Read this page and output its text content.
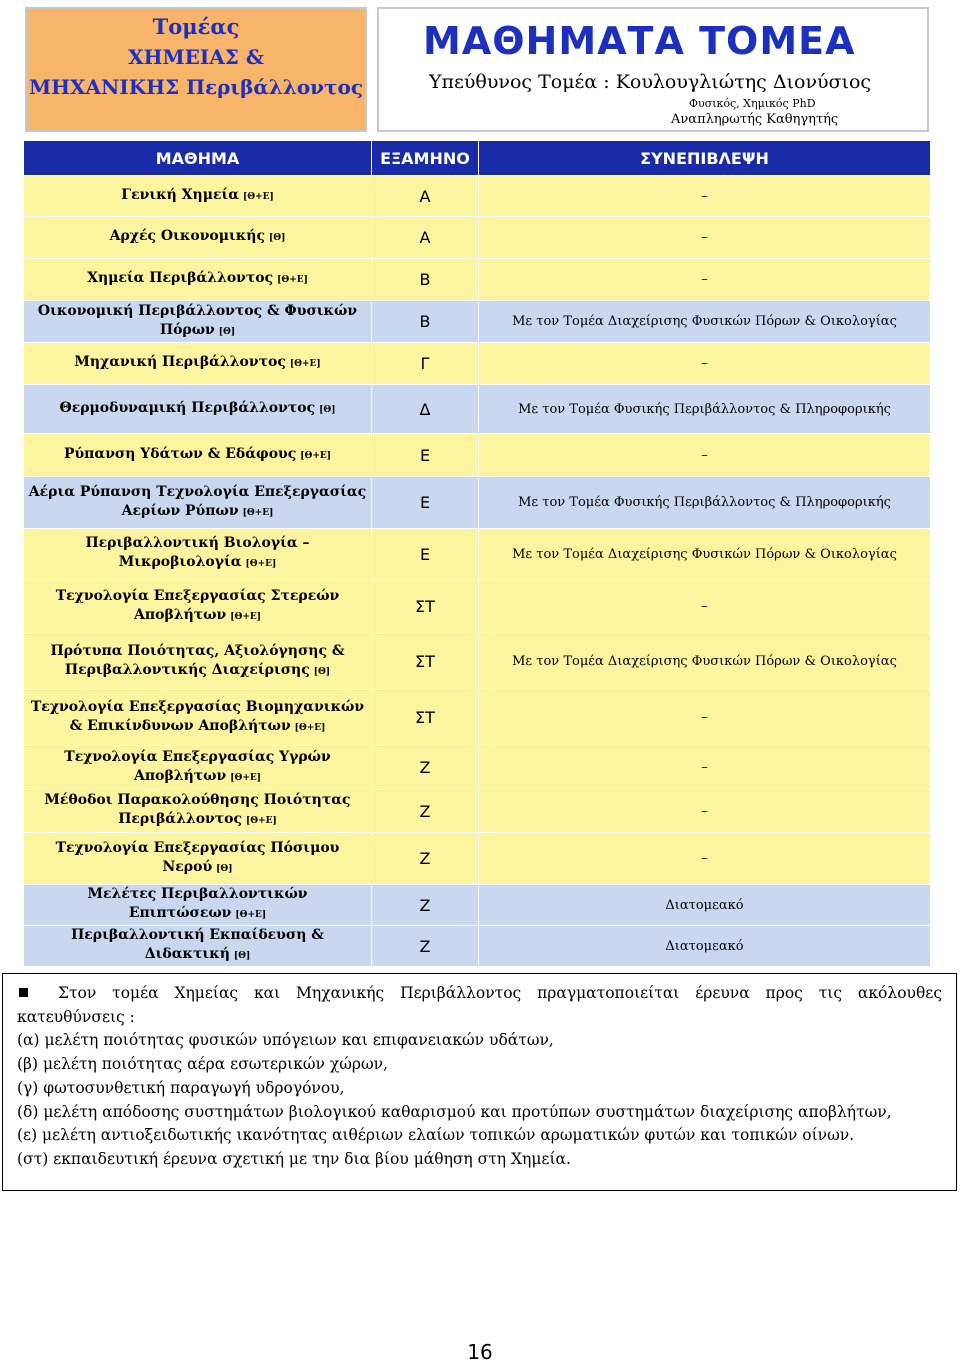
Τομέας
ΧΗΜΕΙΑΣ &
ΜΗΧΑΝΙΚΗΣ Περιβάλλοντος
ΜΑΘΗΜΑΤΑ ΤΟΜΕΑ
Υπεύθυνος Τομέα : Κουλουγλιώτης Διονύσιος
Φυσικός, Χημικός PhD
Αναπληρωτής Καθηγητής
ΜΑΘΗΜΑ	ΕΞΑΜΗΝΟ	ΣΥΝΕΠΙΒΛΕΨΗ
Γενική Χημεία [Θ+Ε]	Α	–
Αρχές Οικονομικής [Θ]	Α	–
Χημεία Περιβάλλοντος [Θ+Ε]	Β	–
Οικονομική Περιβάλλοντος & Φυσικών Πόρων [Θ]	Β	Με τον Τομέα Διαχείρισης Φυσικών Πόρων & Οικολογίας
Μηχανική Περιβάλλοντος [Θ+Ε]	Γ	–
Θερμοδυναμική Περιβάλλοντος [Θ]	Δ	Με τον Τομέα Φυσικής Περιβάλλοντος & Πληροφορικής
Ρύπανση Υδάτων & Εδάφους [Θ+Ε]	Ε	–
Αέρια Ρύπανση Τεχνολογία Επεξεργασίας Αερίων Ρύπων [Θ+Ε]	Ε	Με τον Τομέα Φυσικής Περιβάλλοντος & Πληροφορικής
Περιβαλλοντική Βιολογία – Μικροβιολογία [Θ+Ε]	Ε	Με τον Τομέα Διαχείρισης Φυσικών Πόρων & Οικολογίας
Τεχνολογία Επεξεργασίας Στερεών Αποβλήτων [Θ+Ε]	ΣΤ	–
Πρότυπα Ποιότητας, Αξιολόγησης & Περιβαλλοντικής Διαχείρισης [Θ]	ΣΤ	Με τον Τομέα Διαχείρισης Φυσικών Πόρων & Οικολογίας
Τεχνολογία Επεξεργασίας Βιομηχανικών & Επικίνδυνων Αποβλήτων [Θ+Ε]	ΣΤ	–
Τεχνολογία Επεξεργασίας Υγρών Αποβλήτων [Θ+Ε]	Ζ	–
Μέθοδοι Παρακολούθησης Ποιότητας Περιβάλλοντος [Θ+Ε]	Ζ	–
Τεχνολογία Επεξεργασίας Πόσιμου Νερού [Θ]	Ζ	–
Μελέτες Περιβαλλοντικών Επιπτώσεων [Θ+Ε]	Ζ	Διατομεακό
Περιβαλλοντική Εκπαίδευση & Διδακτική [Θ]	Ζ	Διατομεακό

Στον τομέα Χημείας και Μηχανικής Περιβάλλοντος πραγματοποιείται έρευνα προς τις ακόλουθες κατευθύνσεις :

(α) μελέτη ποιότητας φυσικών υπόγειων και επιφανειακών υδάτων,

(β) μελέτη ποιότητας αέρα εσωτερικών χώρων,

(γ) φωτοσυνθετική παραγωγή υδρογόνου,

(δ) μελέτη απόδοσης συστημάτων βιολογικού καθαρισμού και προτύπων συστημάτων διαχείρισης αποβλήτων,

(ε) μελέτη αντιοξειδωτικής ικανότητας αιθέριων ελαίων τοπικών αρωματικών φυτών και τοπικών οίνων.

(στ) εκπαιδευτική έρευνα σχετική με την δια βίου μάθηση στη Χημεία.

16
